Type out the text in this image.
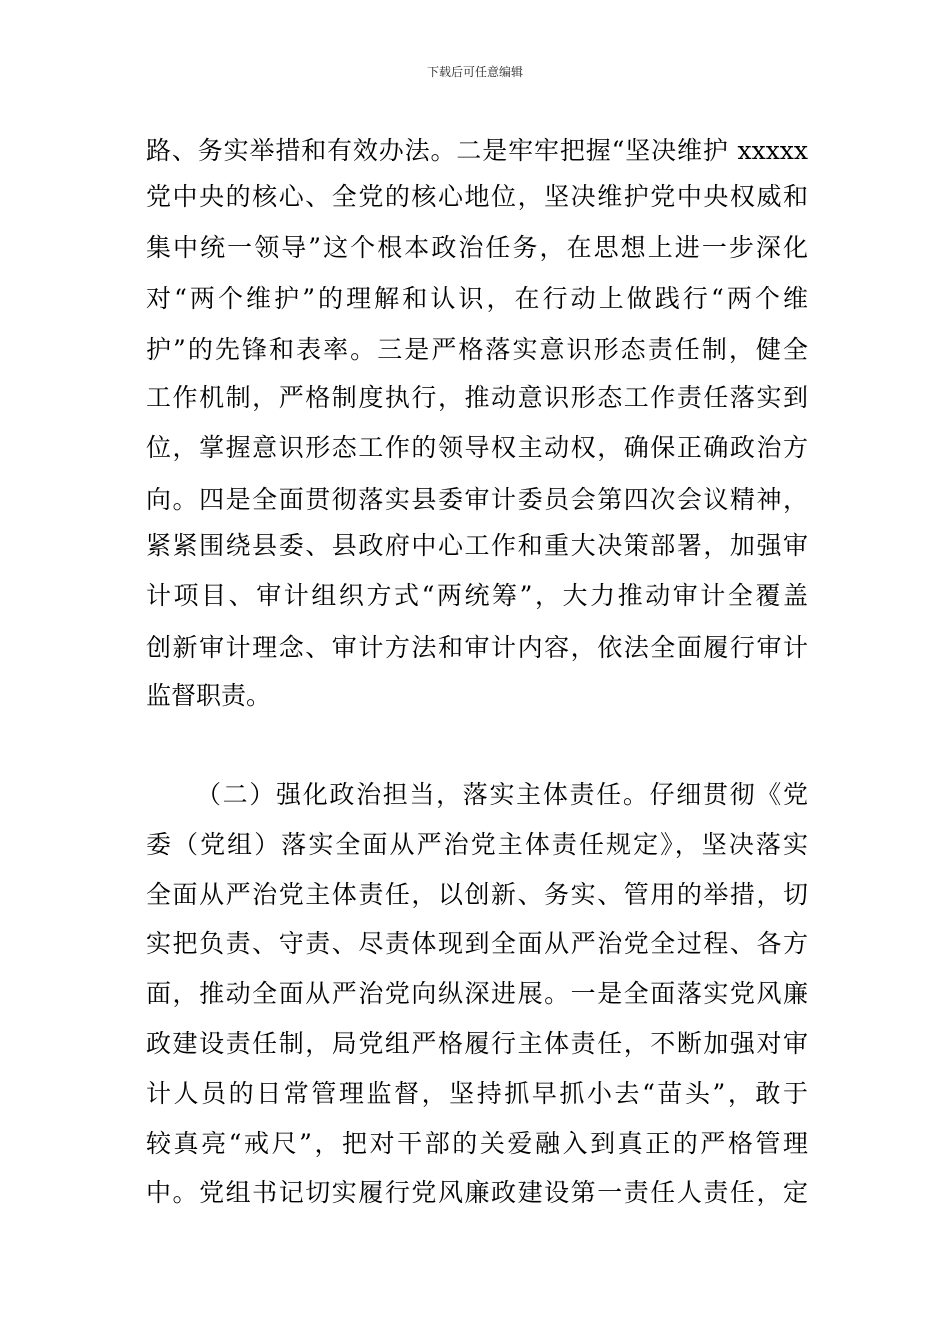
下载后可任意编辑
路、务实举措和有效办法。二是牢牢把握“坚决维护 xxxxx
党中央的核心、全党的核心地位，坚决维护党中央权威和
集中统一领导”这个根本政治任务，在思想上进一步深化
对“两个维护”的理解和认识，在行动上做践行“两个维
护”的先锋和表率。三是严格落实意识形态责任制，健全
工作机制，严格制度执行，推动意识形态工作责任落实到
位，掌握意识形态工作的领导权主动权，确保正确政治方
向。四是全面贯彻落实县委审计委员会第四次会议精神，
紧紧围绕县委、县政府中心工作和重大决策部署，加强审
计项目、审计组织方式“两统筹”，大力推动审计全覆盖
创新审计理念、审计方法和审计内容，依法全面履行审计
监督职责。
（二）强化政治担当，落实主体责任。仔细贯彻《党
委（党组）落实全面从严治党主体责任规定》，坚决落实
全面从严治党主体责任，以创新、务实、管用的举措，切
实把负责、守责、尽责体现到全面从严治党全过程、各方
面，推动全面从严治党向纵深进展。一是全面落实党风廉
政建设责任制，局党组严格履行主体责任，不断加强对审
计人员的日常管理监督，坚持抓早抓小去“苗头”，敢于
较真亮“戒尺”，把对干部的关爱融入到真正的严格管理
中。党组书记切实履行党风廉政建设第一责任人责任，定
